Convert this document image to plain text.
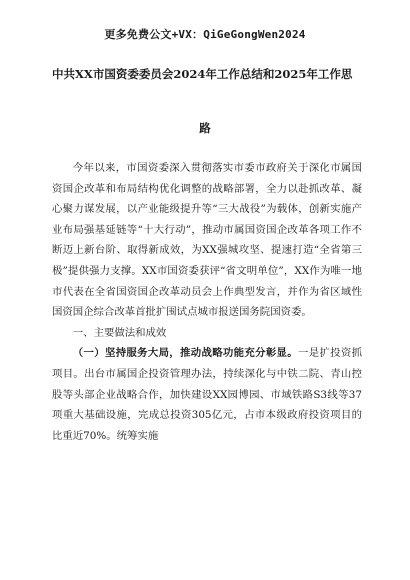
更多免费公文+VX：QiGeGongWen2024
中共XX市国资委委员会2024年工作总结和2025年工作思
路

今年以来，市国资委深入贯彻落实市委市政府关于深化市属国资国企改革和布局结构优化调整的战略部署，全力以赴抓改革、凝心聚力谋发展，以产业能级提升等“三大战役”为载体，创新实施产业布局强基延链等“十大行动”，推动市属国资国企改革各项工作不断迈上新台阶、取得新成效，为XX强城攻坚、提速打造“全省第三极”提供强力支撑。XX市国资委获评“省文明单位”，XX作为唯一地市代表在全省国资国企改革动员会上作典型发言，并作为省区域性国资国企综合改革首批扩围试点城市报送国务院国资委。

一、主要做法和成效

（一）坚持服务大局，推动战略功能充分彰显。一是扩投资抓项目。出台市属国企投资管理办法，持续深化与中铁二院、青山控股等头部企业战略合作，加快建设XX园博园、市域铁路S3线等37项重大基础设施，完成总投资305亿元，占市本级政府投资项目的比重近70%。统筹实施
